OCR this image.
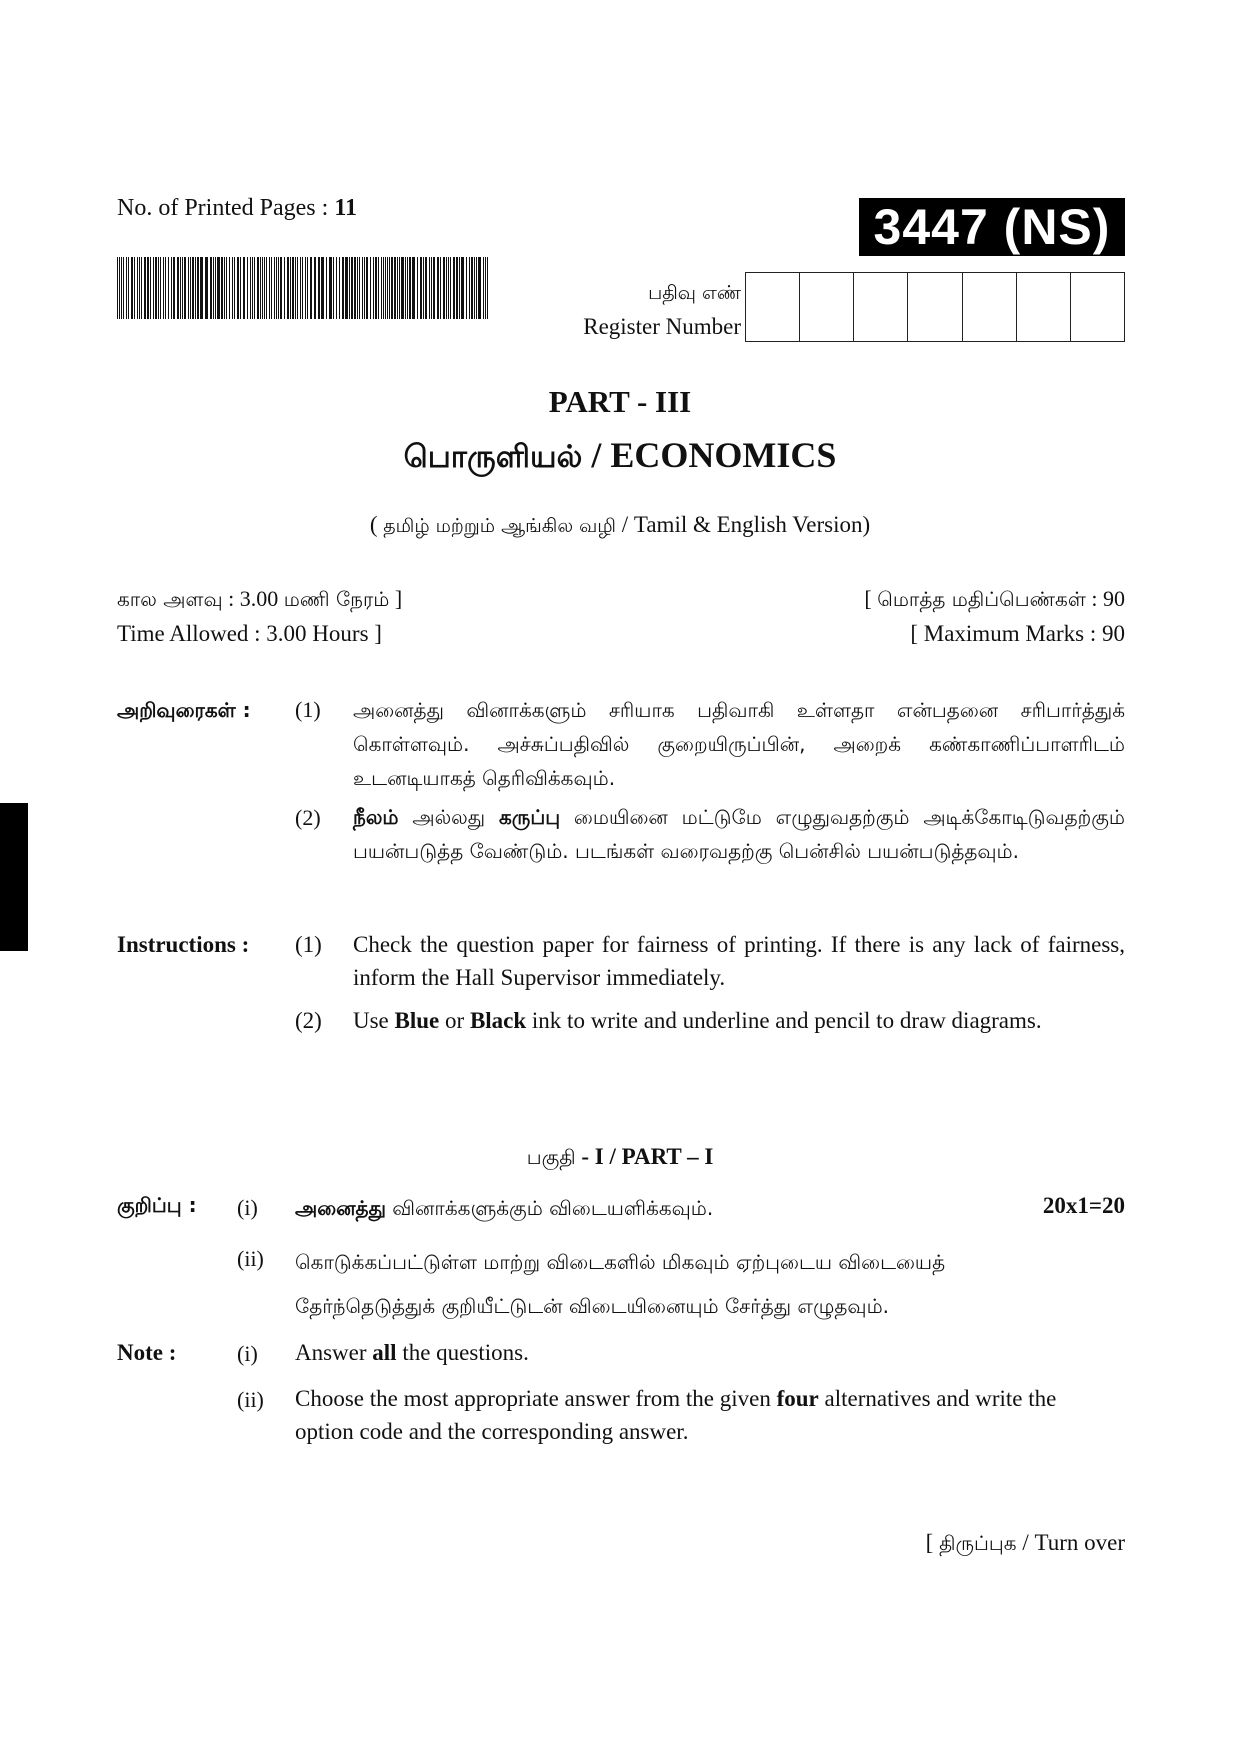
No. of Printed Pages : 11	3447 (NS)
பதிவு எண்
Register Number
PART - III
பொருளியல் / ECONOMICS
( தமிழ் மற்றும் ஆங்கில வழி / Tamil & English Version)
கால அளவு : 3.00 மணி நேரம் ]	[ மொத்த மதிப்பெண்கள் : 90
Time Allowed : 3.00 Hours ]	[ Maximum Marks : 90
அறிவுரைகள் : (1) அனைத்து வினாக்களும் சரியாக பதிவாகி உள்ளதா என்பதனை சரிபார்த்துக் கொள்ளவும். அச்சுப்பதிவில் குறையிருப்பின், அறைக் கண்காணிப்பாளரிடம் உடனடியாகத் தெரிவிக்கவும்.
(2) நீலம் அல்லது கருப்பு மையினை மட்டுமே எழுதுவதற்கும் அடிக்கோடிடுவதற்கும் பயன்படுத்த வேண்டும். படங்கள் வரைவதற்கு பென்சில் பயன்படுத்தவும்.
Instructions : (1) Check the question paper for fairness of printing. If there is any lack of fairness, inform the Hall Supervisor immediately.
(2) Use Blue or Black ink to write and underline and pencil to draw diagrams.
பகுதி - I / PART – I
குறிப்பு : (i) அனைத்து வினாக்களுக்கும் விடையளிக்கவும்.	20x1=20
(ii) கொடுக்கப்பட்டுள்ள மாற்று விடைகளில் மிகவும் ஏற்புடைய விடையைத் தேர்ந்தெடுத்துக் குறியீட்டுடன் விடையினையும் சேர்த்து எழுதவும்.
Note :	(i) Answer all the questions.
(ii) Choose the most appropriate answer from the given four alternatives and write the option code and the corresponding answer.
[ திருப்புக / Turn over
